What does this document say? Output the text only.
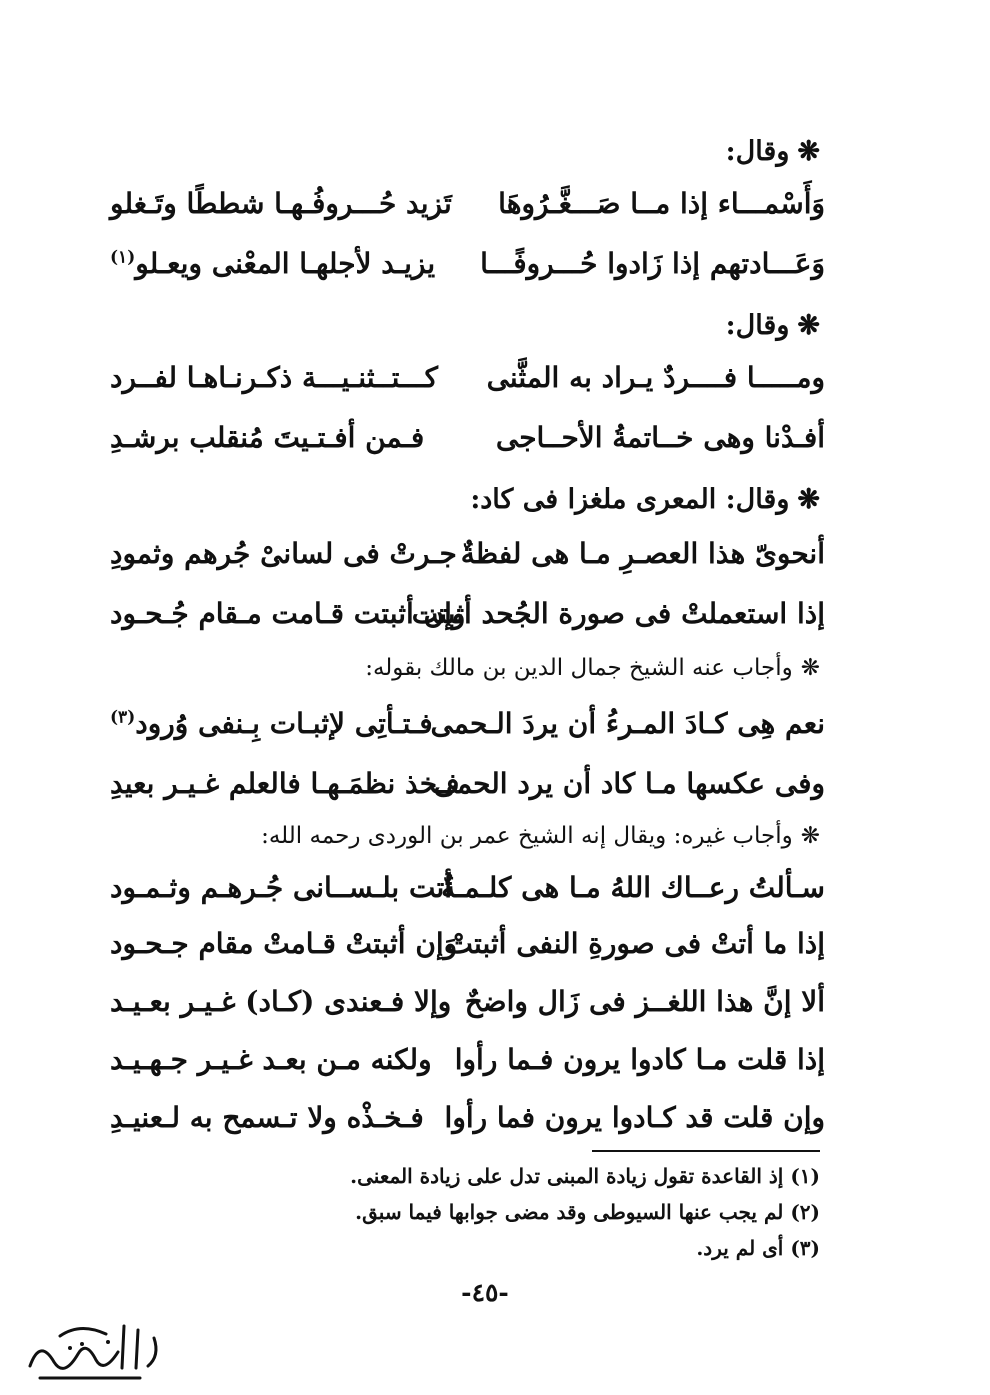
❋وقال:
وَأَسْمـــاء إذا مــا صَـــغَّـرُوهَا
تَزيد حُـــروفُـهـا شططًا وتَـغلو
وَعَـــادتهم إذا زَادوا حُـــروفًـــا
يزيـد لأجلهـا المعْنى ويعـلو$^{(١)}$
❋وقال:
ومـــــا فــــردٌ يـراد به المثَّنى
كـــتــثنـيـــة ذكـرنـاهـا لفــرد
أفـدْنا وهى خــاتمةُ الأحــاجى
فـمن أفـتـيتَ مُنقلب برشـدِ
❋وقال: المعرى ملغزا فى كاد:
أنحوىّ هذا العصـرِ مـا هى لفظةٌ
جـرتْ فى لسانىْ جُرهم وثمودِ
إذا استعملتْ فى صورة الجُحد أثبتت
وإن أثبتت قـامت مـقام جُـحـود
❋وأجاب عنه الشيخ جمال الدين بن مالك بقوله:
نعم هِى كـادَ المـرءُ أن يردَ الـحمى
فـتـأتِى لإثبـات بِـنفى وُرود$^{(٣)}$
وفى عكسها مـا كاد أن يرد الحمى
فـخذ نظمَـهـا فالعلم غـيـر بعيدِ
❋وأجاب غيره: ويقال إنه الشيخ عمر بن الوردى رحمه الله:
سـألتُ رعــاك اللهُ مـا هى كلـمـةٌ
أتت بلـســانى جُـرهـم وثـمـود
إذا ما أتتْ فى صورةِ النفى أثبتتْ
وَإن أثبتتْ قـامتْ مقام جـحـود
ألا إنَّ هذا اللغــز فى زَال واضحٌ
وإلا فـعندى (كـاد) غـيـر بعـيـد
إذا قلت مـا كادوا يرون فـما رأوا
ولكنه مـن بعـد غـيـر جـهـيـد
وإن قلت قد كـادوا يرون فما رأوا
فـخـذْه ولا تـسمح به لـعنيـدِ
(١) إذ القاعدة تقول زيادة المبنى تدل على زيادة المعنى.
(٢) لم يجب عنها السيوطى وقد مضى جوابها فيما سبق.
(٣) أى لم يرد.
-٤٥-
